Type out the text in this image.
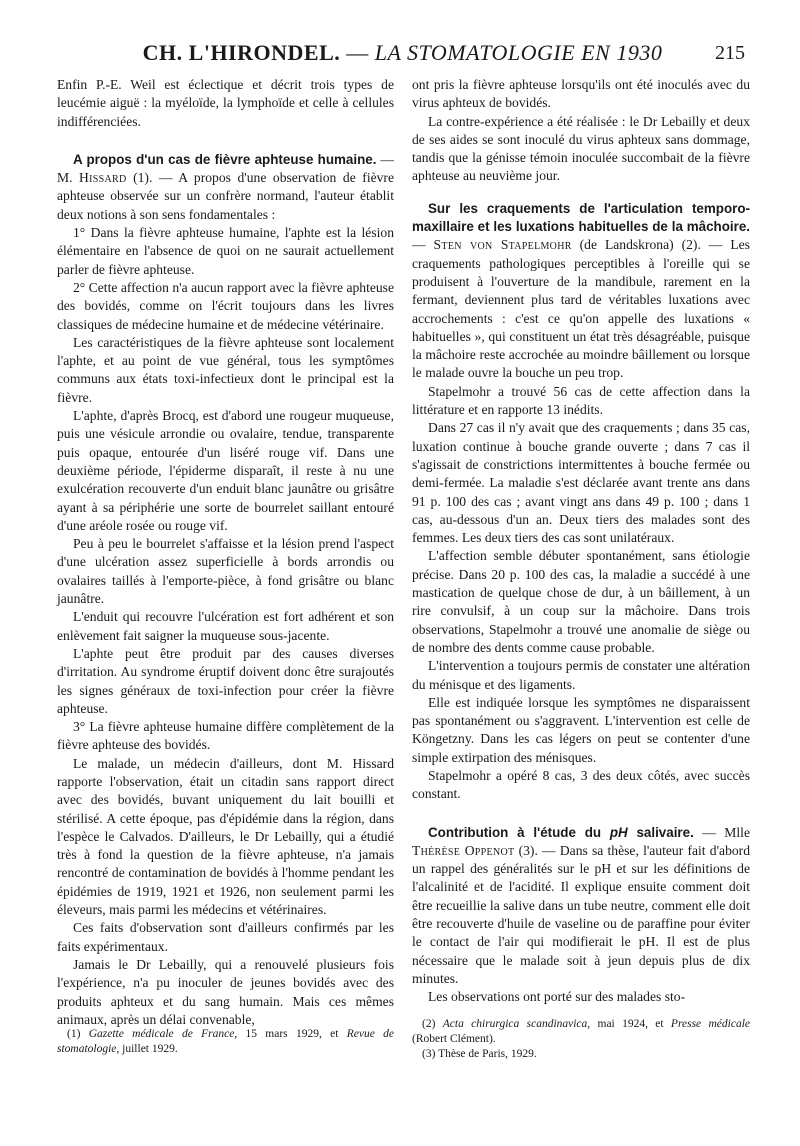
CH. L'HIRONDEL. — LA STOMATOLOGIE EN 1930	215

Enfin P.-E. Weil est éclectique et décrit trois types de leucémie aiguë : la myéloïde, la lymphoïde et celle à cellules indifférenciées.

A propos d'un cas de fièvre aphteuse humaine. — M. Hissard (1). — A propos d'une observation de fièvre aphteuse observée sur un confrère normand, l'auteur établit deux notions à son sens fondamentales :

1° Dans la fièvre aphteuse humaine, l'aphte est la lésion élémentaire en l'absence de quoi on ne saurait actuellement parler de fièvre aphteuse.

2° Cette affection n'a aucun rapport avec la fièvre aphteuse des bovidés, comme on l'écrit toujours dans les livres classiques de médecine humaine et de médecine vétérinaire.

Les caractéristiques de la fièvre aphteuse sont localement l'aphte, et au point de vue général, tous les symptômes communs aux états toxi-infectieux dont le principal est la fièvre.

L'aphte, d'après Brocq, est d'abord une rougeur muqueuse, puis une vésicule arrondie ou ovalaire, tendue, transparente puis opaque, entourée d'un liséré rouge vif. Dans une deuxième période, l'épiderme disparaît, il reste à nu une exulcération recouverte d'un enduit blanc jaunâtre ou grisâtre ayant à sa périphérie une sorte de bourrelet saillant entouré d'une aréole rosée ou rouge vif.

Peu à peu le bourrelet s'affaisse et la lésion prend l'aspect d'une ulcération assez superficielle à bords arrondis ou ovalaires taillés à l'emporte-pièce, à fond grisâtre ou blanc jaunâtre.

L'enduit qui recouvre l'ulcération est fort adhérent et son enlèvement fait saigner la muqueuse sous-jacente.

L'aphte peut être produit par des causes diverses d'irritation. Au syndrome éruptif doivent donc être surajoutés les signes généraux de toxi-infection pour créer la fièvre aphteuse.

3° La fièvre aphteuse humaine diffère complètement de la fièvre aphteuse des bovidés.

Le malade, un médecin d'ailleurs, dont M. Hissard rapporte l'observation, était un citadin sans rapport direct avec des bovidés, buvant uniquement du lait bouilli et stérilisé. A cette époque, pas d'épidémie dans la région, dans l'espèce le Calvados. D'ailleurs, le Dr Lebailly, qui a étudié très à fond la question de la fièvre aphteuse, n'a jamais rencontré de contamination de bovidés à l'homme pendant les épidémies de 1919, 1921 et 1926, non seulement parmi les éleveurs, mais parmi les médecins et vétérinaires.

Ces faits d'observation sont d'ailleurs confirmés par les faits expérimentaux.

Jamais le Dr Lebailly, qui a renouvelé plusieurs fois l'expérience, n'a pu inoculer de jeunes bovidés avec des produits aphteux et du sang humain. Mais ces mêmes animaux, après un délai convenable,

(1) Gazette médicale de France, 15 mars 1929, et Revue de stomatologie, juillet 1929.

ont pris la fièvre aphteuse lorsqu'ils ont été inoculés avec du virus aphteux de bovidés.

La contre-expérience a été réalisée : le Dr Lebailly et deux de ses aides se sont inoculé du virus aphteux sans dommage, tandis que la génisse témoin inoculée succombait de la fièvre aphteuse au neuvième jour.

Sur les craquements de l'articulation temporo-maxillaire et les luxations habituelles de la mâchoire. — Sten von Stapelmohr (de Landskrona) (2). — Les craquements pathologiques perceptibles à l'oreille qui se produisent à l'ouverture de la mandibule, rarement en la fermant, deviennent plus tard de véritables luxations avec accrochements : c'est ce qu'on appelle des luxations « habituelles », qui constituent un état très désagréable, puisque la mâchoire reste accrochée au moindre bâillement ou lorsque le malade ouvre la bouche un peu trop.

Stapelmohr a trouvé 56 cas de cette affection dans la littérature et en rapporte 13 inédits.

Dans 27 cas il n'y avait que des craquements ; dans 35 cas, luxation continue à bouche grande ouverte ; dans 7 cas il s'agissait de constrictions intermittentes à bouche fermée ou demi-fermée. La maladie s'est déclarée avant trente ans dans 91 p. 100 des cas ; avant vingt ans dans 49 p. 100 ; dans 1 cas, au-dessous d'un an. Deux tiers des malades sont des femmes. Les deux tiers des cas sont unilatéraux.

L'affection semble débuter spontanément, sans étiologie précise. Dans 20 p. 100 des cas, la maladie a succédé à une mastication de quelque chose de dur, à un bâillement, à un rire convulsif, à un coup sur la mâchoire. Dans trois observations, Stapelmohr a trouvé une anomalie de siège ou de nombre des dents comme cause probable.

L'intervention a toujours permis de constater une altération du ménisque et des ligaments.

Elle est indiquée lorsque les symptômes ne disparaissent pas spontanément ou s'aggravent. L'intervention est celle de Köngetzny. Dans les cas légers on peut se contenter d'une simple extirpation des ménisques.

Stapelmohr a opéré 8 cas, 3 des deux côtés, avec succès constant.

Contribution à l'étude du pH salivaire. — Mlle Thérèse Oppenot (3). — Dans sa thèse, l'auteur fait d'abord un rappel des généralités sur le pH et sur les définitions de l'alcalinité et de l'acidité. Il explique ensuite comment doit être recueillie la salive dans un tube neutre, comment elle doit être recouverte d'huile de vaseline ou de paraffine pour éviter le contact de l'air qui modifierait le pH. Il est de plus nécessaire que le malade soit à jeun depuis plus de dix minutes.

Les observations ont porté sur des malades sto-

(2) Acta chirurgica scandinavica, mai 1924, et Presse médicale (Robert Clément).

(3) Thèse de Paris, 1929.
